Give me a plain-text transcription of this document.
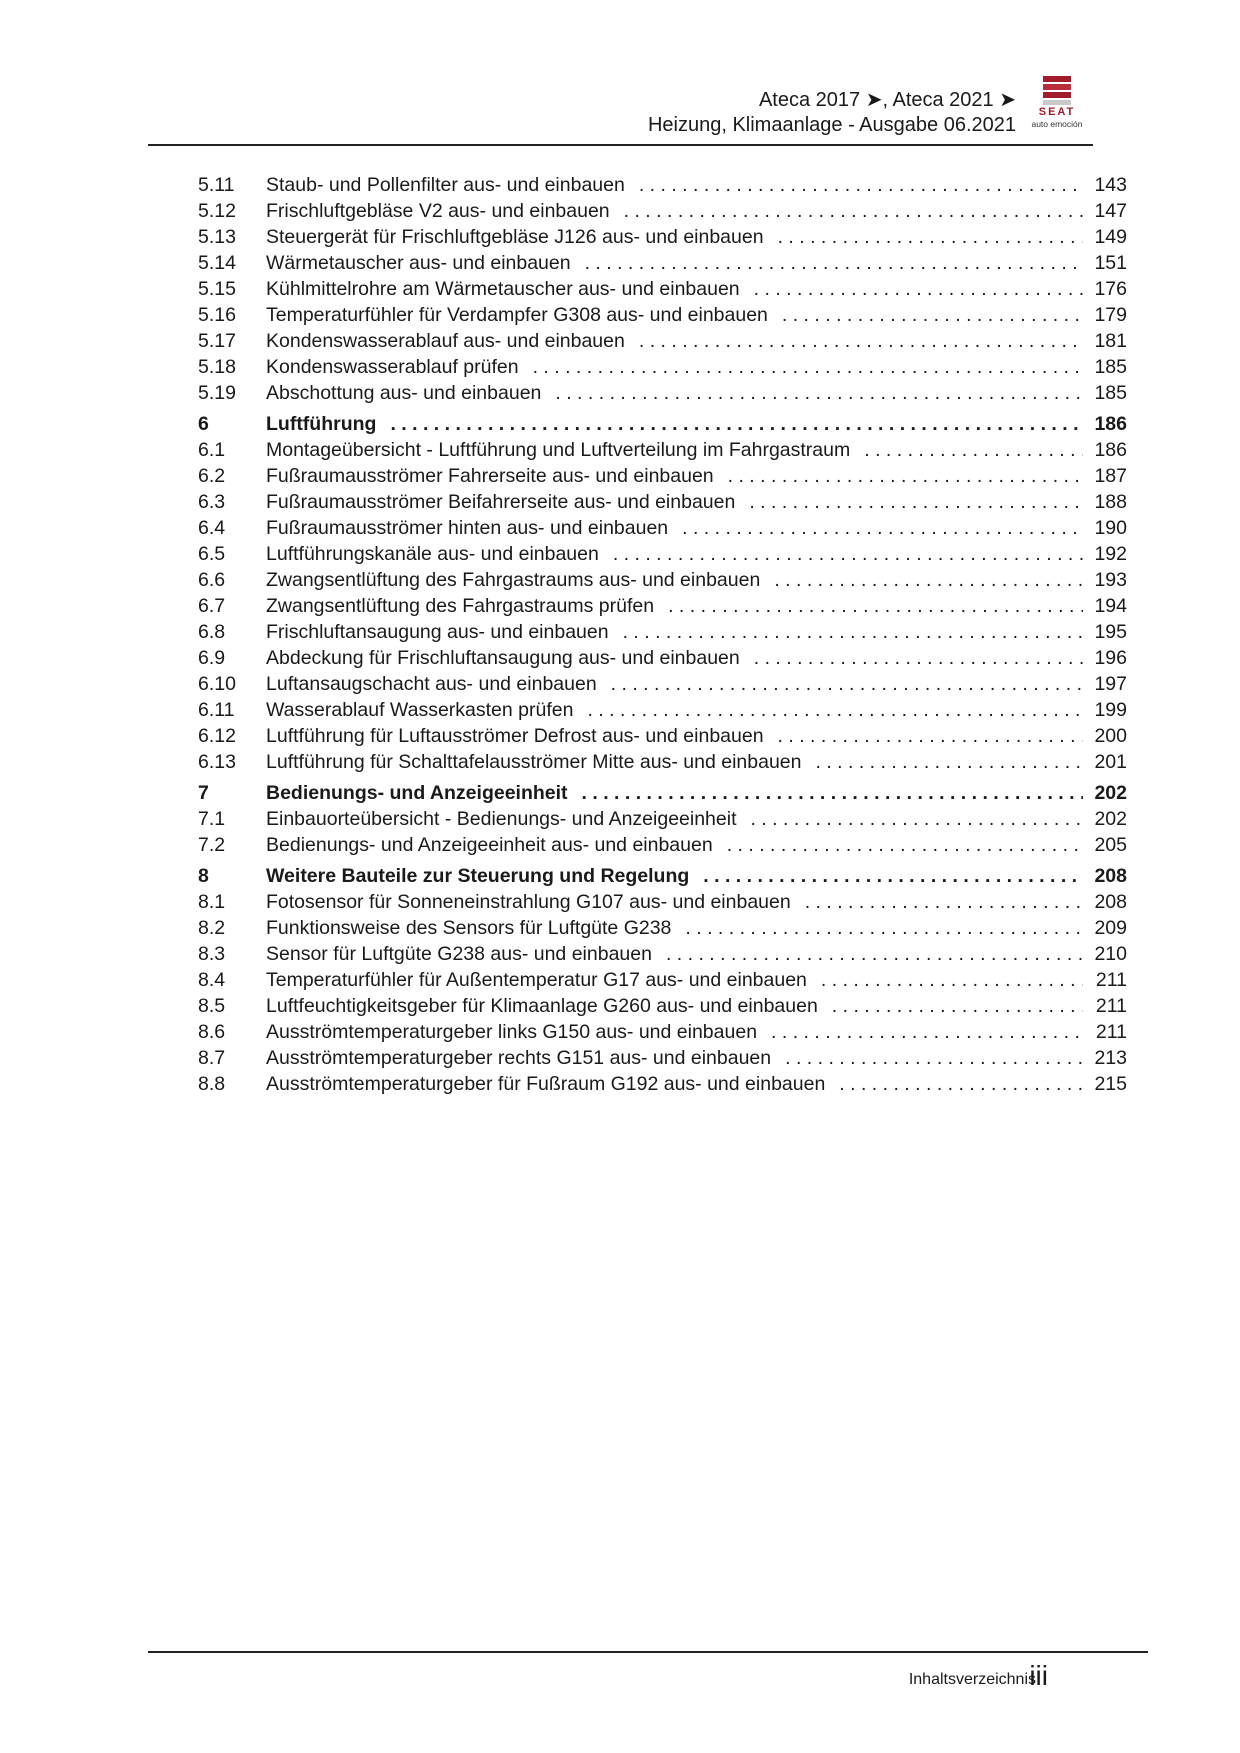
Ateca 2017 ➤, Ateca 2021 ➤
Heizung, Klimaanlage - Ausgabe 06.2021
SEAT
auto emoción
5.11	Staub- und Pollenfilter aus- und einbauen . . .	143
5.12	Frischluftgebläse V2 aus- und einbauen . . .	147
5.13	Steuergerät für Frischluftgebläse J126 aus- und einbauen . . .	149
5.14	Wärmetauscher aus- und einbauen . . .	151
5.15	Kühlmittelrohre am Wärmetauscher aus- und einbauen . . .	176
5.16	Temperaturfühler für Verdampfer G308 aus- und einbauen . . .	179
5.17	Kondenswasserablauf aus- und einbauen . . .	181
5.18	Kondenswasserablauf prüfen . . .	185
5.19	Abschottung aus- und einbauen . . .	185
6	Luftführung . . .	186
6.1	Montageübersicht - Luftführung und Luftverteilung im Fahrgastraum . . .	186
6.2	Fußraumausströmer Fahrerseite aus- und einbauen . . .	187
6.3	Fußraumausströmer Beifahrerseite aus- und einbauen . . .	188
6.4	Fußraumausströmer hinten aus- und einbauen . . .	190
6.5	Luftführungskanäle aus- und einbauen . . .	192
6.6	Zwangsentlüftung des Fahrgastraums aus- und einbauen . . .	193
6.7	Zwangsentlüftung des Fahrgastraums prüfen . . .	194
6.8	Frischluftansaugung aus- und einbauen . . .	195
6.9	Abdeckung für Frischluftansaugung aus- und einbauen . . .	196
6.10	Luftansaugschacht aus- und einbauen . . .	197
6.11	Wasserablauf Wasserkasten prüfen . . .	199
6.12	Luftführung für Luftausströmer Defrost aus- und einbauen . . .	200
6.13	Luftführung für Schalttafelausströmer Mitte aus- und einbauen . . .	201
7	Bedienungs- und Anzeigeeinheit . . .	202
7.1	Einbauorteübersicht - Bedienungs- und Anzeigeeinheit . . .	202
7.2	Bedienungs- und Anzeigeeinheit aus- und einbauen . . .	205
8	Weitere Bauteile zur Steuerung und Regelung . . .	208
8.1	Fotosensor für Sonneneinstrahlung G107 aus- und einbauen . . .	208
8.2	Funktionsweise des Sensors für Luftgüte G238 . . .	209
8.3	Sensor für Luftgüte G238 aus- und einbauen . . .	210
8.4	Temperaturfühler für Außentemperatur G17 aus- und einbauen . . .	211
8.5	Luftfeuchtigkeitsgeber für Klimaanlage G260 aus- und einbauen . . .	211
8.6	Ausströmtemperaturgeber links G150 aus- und einbauen . . .	211
8.7	Ausströmtemperaturgeber rechts G151 aus- und einbauen . . .	213
8.8	Ausströmtemperaturgeber für Fußraum G192 aus- und einbauen . . .	215
Inhaltsverzeichnis
iii
